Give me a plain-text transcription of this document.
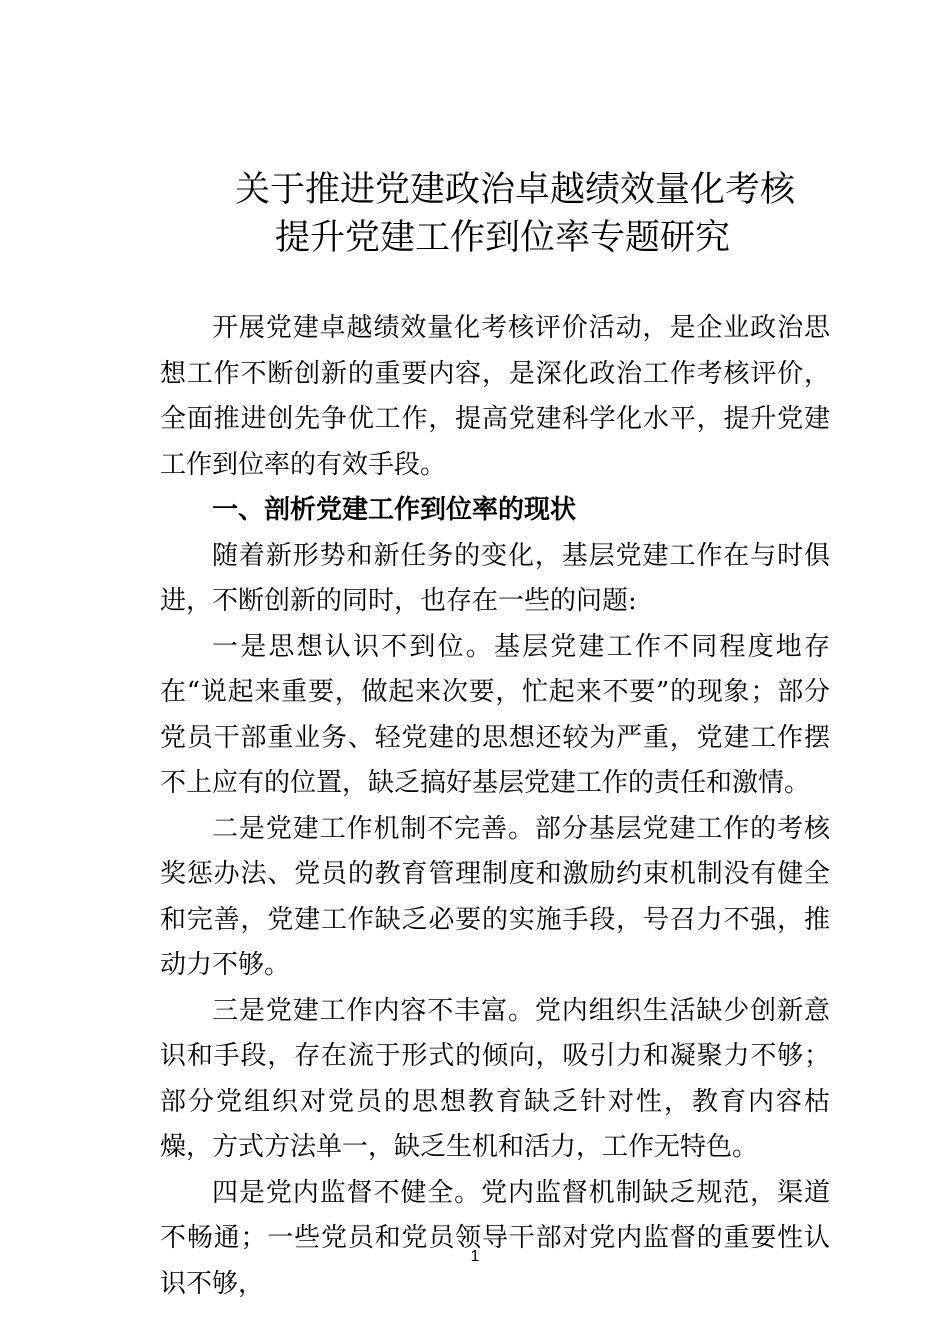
关于推进党建政治卓越绩效量化考核
提升党建工作到位率专题研究

开展党建卓越绩效量化考核评价活动，是企业政治思想工作不断创新的重要内容，是深化政治工作考核评价，全面推进创先争优工作，提高党建科学化水平，提升党建工作到位率的有效手段。

一、剖析党建工作到位率的现状

随着新形势和新任务的变化，基层党建工作在与时俱进，不断创新的同时，也存在一些的问题:

一是思想认识不到位。基层党建工作不同程度地存在“说起来重要，做起来次要，忙起来不要”的现象；部分党员干部重业务、轻党建的思想还较为严重，党建工作摆不上应有的位置，缺乏搞好基层党建工作的责任和激情。

二是党建工作机制不完善。部分基层党建工作的考核奖惩办法、党员的教育管理制度和激励约束机制没有健全和完善，党建工作缺乏必要的实施手段，号召力不强，推动力不够。

三是党建工作内容不丰富。党内组织生活缺少创新意识和手段，存在流于形式的倾向，吸引力和凝聚力不够；部分党组织对党员的思想教育缺乏针对性，教育内容枯燥，方式方法单一，缺乏生机和活力，工作无特色。

四是党内监督不健全。党内监督机制缺乏规范，渠道不畅通；一些党员和党员领导干部对党内监督的重要性认识不够，

1
